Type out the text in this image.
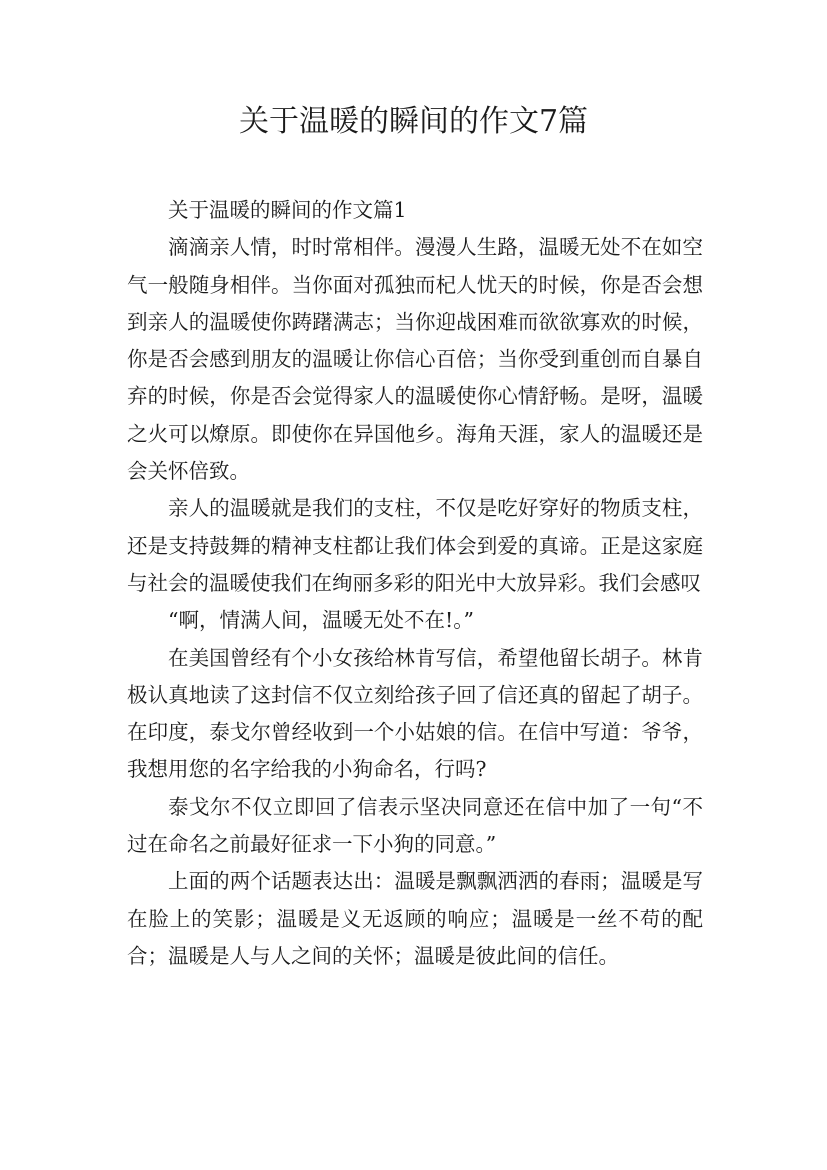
关于温暖的瞬间的作文7篇

关于温暖的瞬间的作文篇1

滴滴亲人情，时时常相伴。漫漫人生路，温暖无处不在如空气一般随身相伴。当你面对孤独而杞人忧天的时候，你是否会想到亲人的温暖使你踌躇满志；当你迎战困难而欲欲寡欢的时候，你是否会感到朋友的温暖让你信心百倍；当你受到重创而自暴自弃的时候，你是否会觉得家人的温暖使你心情舒畅。是呀，温暖之火可以燎原。即使你在异国他乡。海角天涯，家人的温暖还是会关怀倍致。

亲人的温暖就是我们的支柱，不仅是吃好穿好的物质支柱，还是支持鼓舞的精神支柱都让我们体会到爱的真谛。正是这家庭与社会的温暖使我们在绚丽多彩的阳光中大放异彩。我们会感叹

“啊，情满人间，温暖无处不在!。”

在美国曾经有个小女孩给林肯写信，希望他留长胡子。林肯极认真地读了这封信不仅立刻给孩子回了信还真的留起了胡子。在印度，泰戈尔曾经收到一个小姑娘的信。在信中写道：爷爷，我想用您的名字给我的小狗命名，行吗?

泰戈尔不仅立即回了信表示坚决同意还在信中加了一句“不过在命名之前最好征求一下小狗的同意。”

上面的两个话题表达出：温暖是飘飘洒洒的春雨；温暖是写在脸上的笑影；温暖是义无返顾的响应；温暖是一丝不苟的配合；温暖是人与人之间的关怀；温暖是彼此间的信任。
